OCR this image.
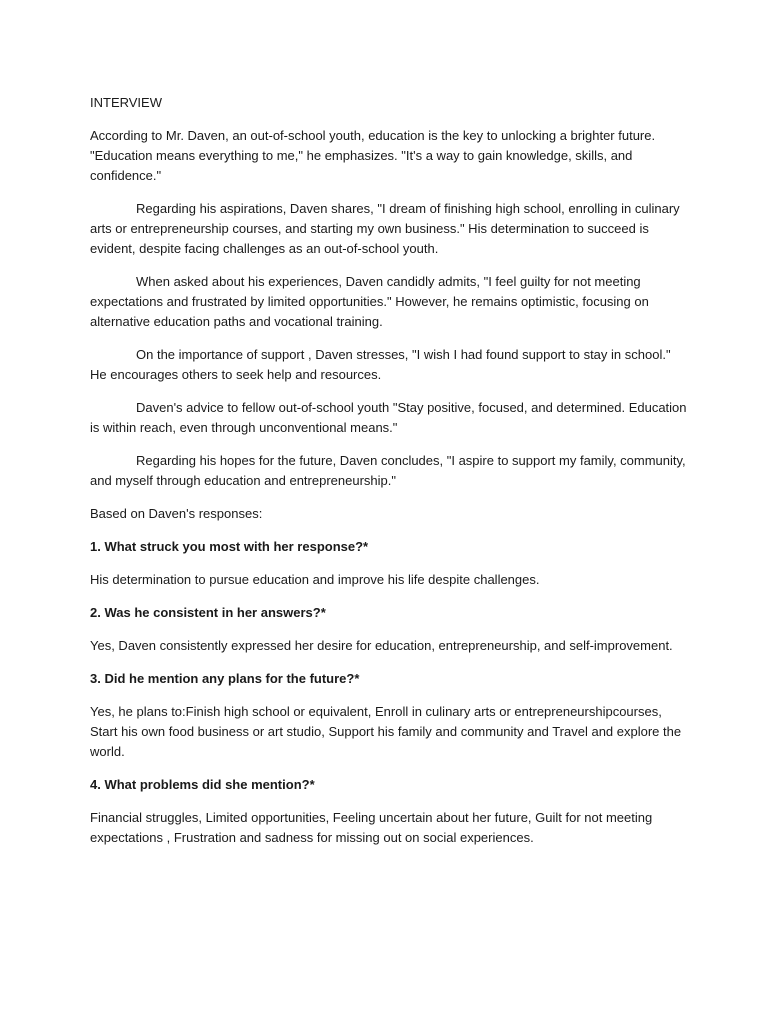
INTERVIEW

According to Mr. Daven, an out-of-school youth, education is the key to unlocking a brighter future. "Education means everything to me," he emphasizes. "It's a way to gain knowledge, skills, and confidence."

Regarding his aspirations, Daven shares, "I dream of finishing high school, enrolling in culinary arts or entrepreneurship courses, and starting my own business." His determination to succeed is evident, despite facing challenges as an out-of-school youth.

When asked about his experiences, Daven candidly admits, "I feel guilty for not meeting expectations and frustrated by limited opportunities." However, he remains optimistic, focusing on alternative education paths and vocational training.

On the importance of support , Daven stresses, "I wish I had found support to stay in school." He encourages others to seek help and resources.

Daven's advice to fellow out-of-school youth "Stay positive, focused, and determined. Education is within reach, even through unconventional means."

Regarding his hopes for the future, Daven concludes, "I aspire to support my family, community, and myself through education and entrepreneurship."

Based on Daven's responses:

1. What struck you most with her response?*

His determination to pursue education and improve his life despite challenges.

2. Was he consistent in her answers?*

Yes, Daven consistently expressed her desire for education, entrepreneurship, and self-improvement.

3. Did he mention any plans for the future?*

Yes, he plans to:Finish high school or equivalent, Enroll in culinary arts or entrepreneurshipcourses, Start his own food business or art studio, Support his family and community and Travel and explore the world.

4. What problems did she mention?*

Financial struggles, Limited opportunities, Feeling uncertain about her future, Guilt for not meeting expectations , Frustration and sadness for missing out on social experiences.
